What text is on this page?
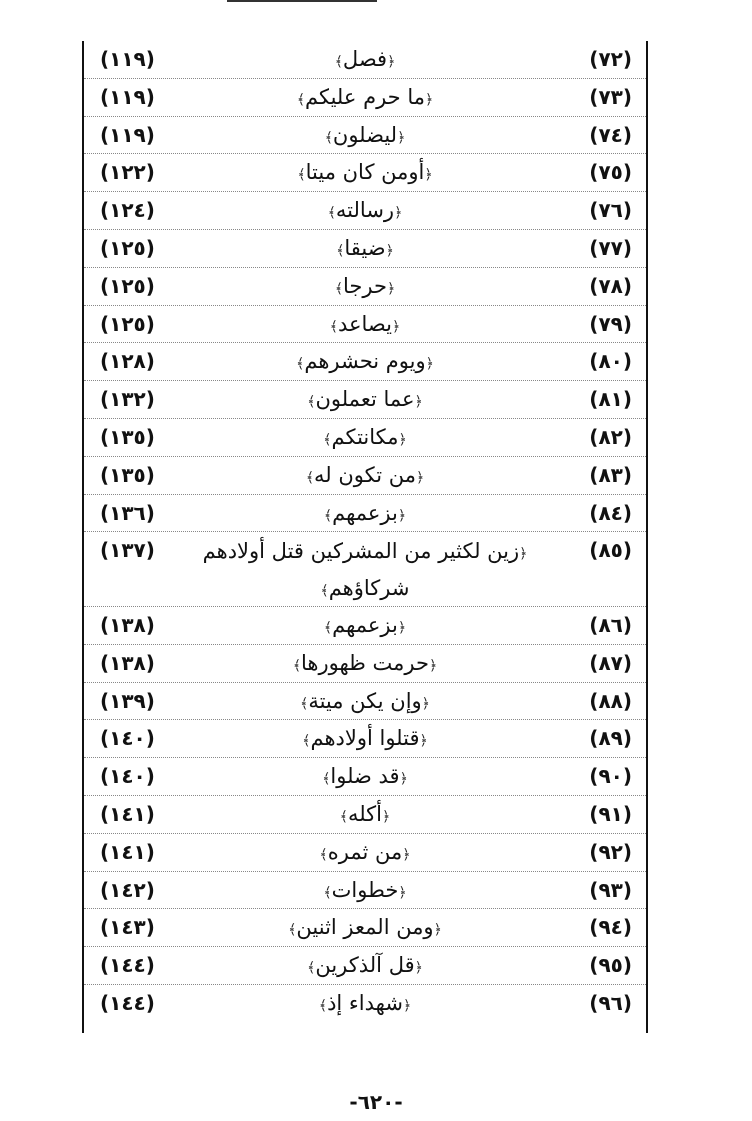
(٧٢)
﴿فصل﴾
(١١٩)
(٧٣)
﴿ما حرم عليكم﴾
(١١٩)
(٧٤)
﴿ليضلون﴾
(١١٩)
(٧٥)
﴿أومن كان ميتا﴾
(١٢٢)
(٧٦)
﴿رسالته﴾
(١٢٤)
(٧٧)
﴿ضيقا﴾
(١٢٥)
(٧٨)
﴿حرجا﴾
(١٢٥)
(٧٩)
﴿يصاعد﴾
(١٢٥)
(٨٠)
﴿ويوم نحشرهم﴾
(١٢٨)
(٨١)
﴿عما تعملون﴾
(١٣٢)
(٨٢)
﴿مكانتكم﴾
(١٣٥)
(٨٣)
﴿من تكون له﴾
(١٣٥)
(٨٤)
﴿بزعمهم﴾
(١٣٦)
(٨٥)
﴿زين لكثير من المشركين قتل أولادهم شركاؤهم﴾
(١٣٧)
(٨٦)
﴿بزعمهم﴾
(١٣٨)
(٨٧)
﴿حرمت ظهورها﴾
(١٣٨)
(٨٨)
﴿وإن يكن ميتة﴾
(١٣٩)
(٨٩)
﴿قتلوا أولادهم﴾
(١٤٠)
(٩٠)
﴿قد ضلوا﴾
(١٤٠)
(٩١)
﴿أكله﴾
(١٤١)
(٩٢)
﴿من ثمره﴾
(١٤١)
(٩٣)
﴿خطوات﴾
(١٤٢)
(٩٤)
﴿ومن المعز اثنين﴾
(١٤٣)
(٩٥)
﴿قل آلذكرين﴾
(١٤٤)
(٩٦)
﴿شهداء إذ﴾
(١٤٤)
-٦٢٠-
